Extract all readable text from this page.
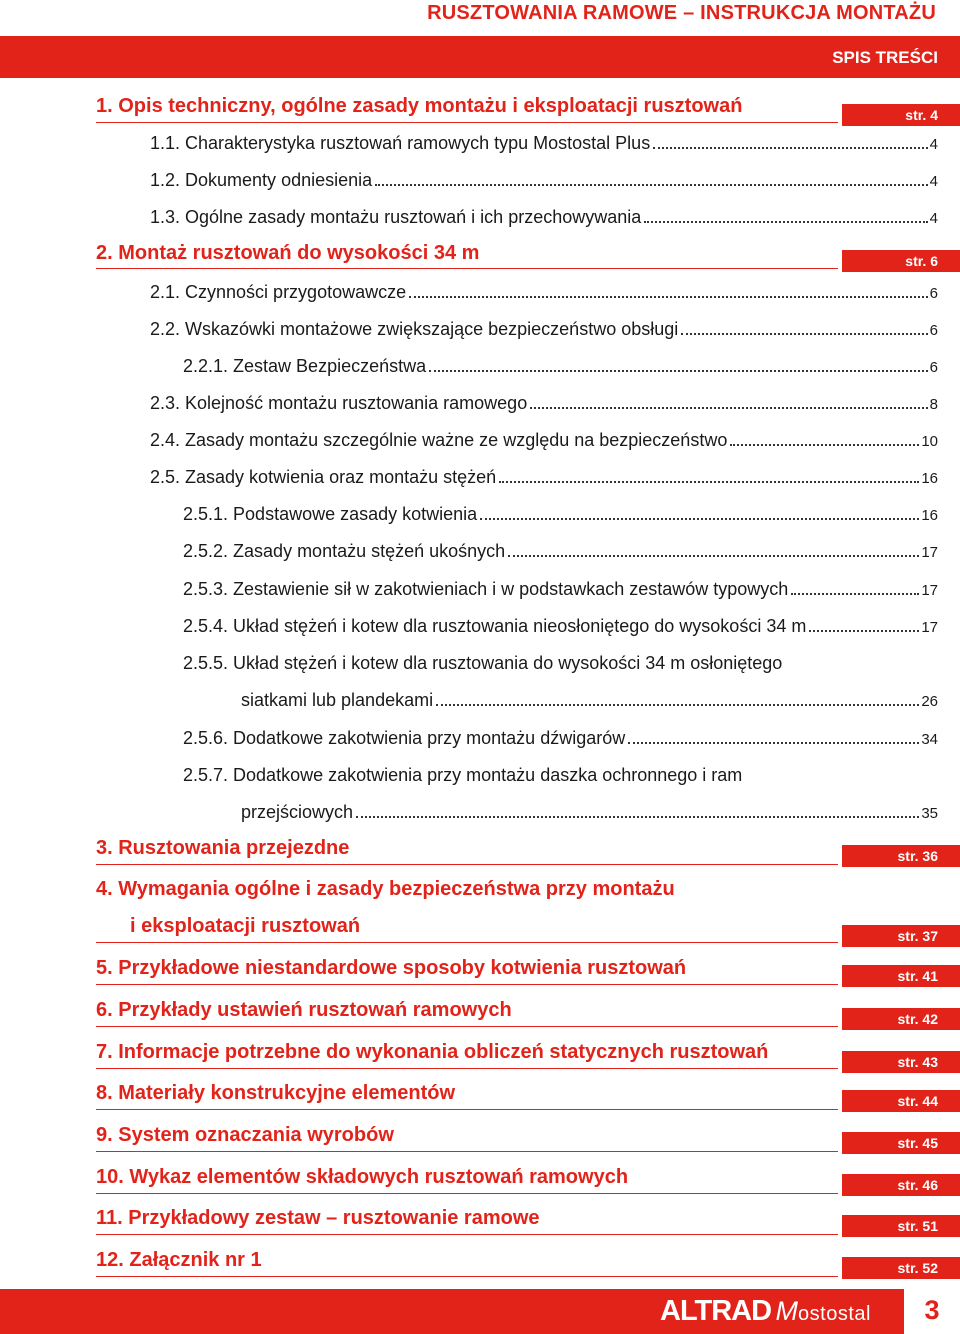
RUSZTOWANIA RAMOWE – INSTRUKCJA MONTAŻU
SPIS TREŚCI
1. Opis techniczny, ogólne zasady montażu i eksploatacji rusztowań	str. 4
1.1. Charakterystyka rusztowań ramowych typu Mostostal Plus	4
1.2. Dokumenty odniesienia	4
1.3. Ogólne zasady montażu rusztowań i ich przechowywania	4
2. Montaż rusztowań do wysokości 34 m	str. 6
2.1. Czynności przygotowawcze	6
2.2. Wskazówki montażowe zwiększające bezpieczeństwo obsługi	6
2.2.1. Zestaw Bezpieczeństwa	6
2.3. Kolejność montażu rusztowania ramowego	8
2.4. Zasady montażu szczególnie ważne ze względu na bezpieczeństwo	10
2.5. Zasady kotwienia oraz montażu stężeń	16
2.5.1. Podstawowe zasady kotwienia	16
2.5.2. Zasady montażu stężeń ukośnych	17
2.5.3. Zestawienie sił w zakotwieniach i w podstawkach zestawów typowych	17
2.5.4. Układ stężeń i kotew dla rusztowania nieosłoniętego do wysokości 34 m	17
2.5.5. Układ stężeń i kotew dla rusztowania do wysokości 34 m osłoniętego
siatkami lub plandekami	26
2.5.6. Dodatkowe zakotwienia przy montażu dźwigarów	34
2.5.7. Dodatkowe zakotwienia przy montażu daszka ochronnego i ram
przejściowych	35
3. Rusztowania przejezdne	str. 36
4. Wymagania ogólne i zasady bezpieczeństwa przy montażu
i eksploatacji rusztowań	str. 37
5. Przykładowe niestandardowe sposoby kotwienia rusztowań	str. 41
6. Przykłady ustawień rusztowań ramowych	str. 42
7. Informacje potrzebne do wykonania obliczeń statycznych rusztowań	str. 43
8. Materiały konstrukcyjne elementów	str. 44
9. System oznaczania wyrobów	str. 45
10. Wykaz elementów składowych rusztowań ramowych	str. 46
11. Przykładowy zestaw – rusztowanie ramowe	str. 51
12. Załącznik nr 1	str. 52
ALTRAD Mostostal	3
